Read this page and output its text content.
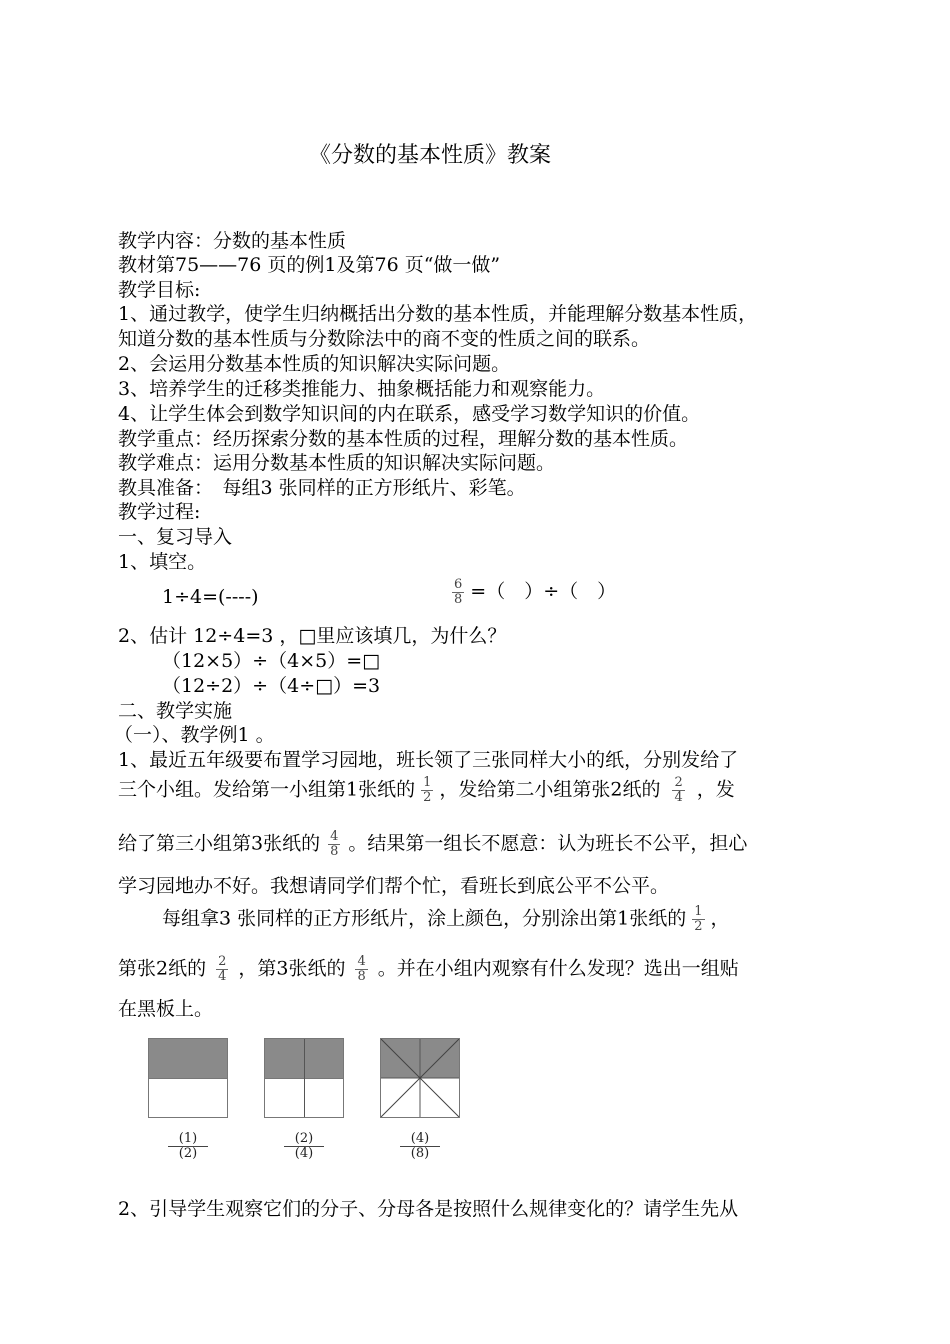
《分数的基本性质》教案
教学内容：分数的基本性质
教材第75——76 页的例1及第76 页“做一做”
教学目标:
1、通过教学，使学生归纳概括出分数的基本性质，并能理解分数基本性质，
知道分数的基本性质与分数除法中的商不变的性质之间的联系。
2、会运用分数基本性质的知识解决实际问题。
3、培养学生的迁移类推能力、抽象概括能力和观察能力。
4、让学生体会到数学知识间的内在联系，感受学习数学知识的价值。
教学重点：经历探索分数的基本性质的过程，理解分数的基本性质。
教学难点：运用分数基本性质的知识解决实际问题。
教具准备：　每组3 张同样的正方形纸片、彩笔。
教学过程:
一、复习导入
1、填空。
1÷4=(----)	$\frac{6}{8}$ =（　）÷（　）
2、估计 12÷4=3 ，□里应该填几，为什么？
（12×5）÷（4×5）=□
（12÷2）÷（4÷□）=3
二、教学实施
（一）、教学例1 。
1、最近五年级要布置学习园地，班长领了三张同样大小的纸，分别发给了
三个小组。发给第一小组第1张纸的 $\frac{1}{2}$ ，发给第二小组第张2纸的 $\frac{2}{4}$ ，发
给了第三小组第3张纸的 $\frac{4}{8}$ 。结果第一组长不愿意：认为班长不公平，担心
学习园地办不好。我想请同学们帮个忙，看班长到底公平不公平。
每组拿3 张同样的正方形纸片，涂上颜色，分别涂出第1张纸的 $\frac{1}{2}$ ，
第张2纸的 $\frac{2}{4}$ ，第3张纸的 $\frac{4}{8}$ 。并在小组内观察有什么发现？选出一组贴
在黑板上。
(1)
(2)
(2)
(4)
(4)
(8)
2、引导学生观察它们的分子、分母各是按照什么规律变化的？请学生先从
